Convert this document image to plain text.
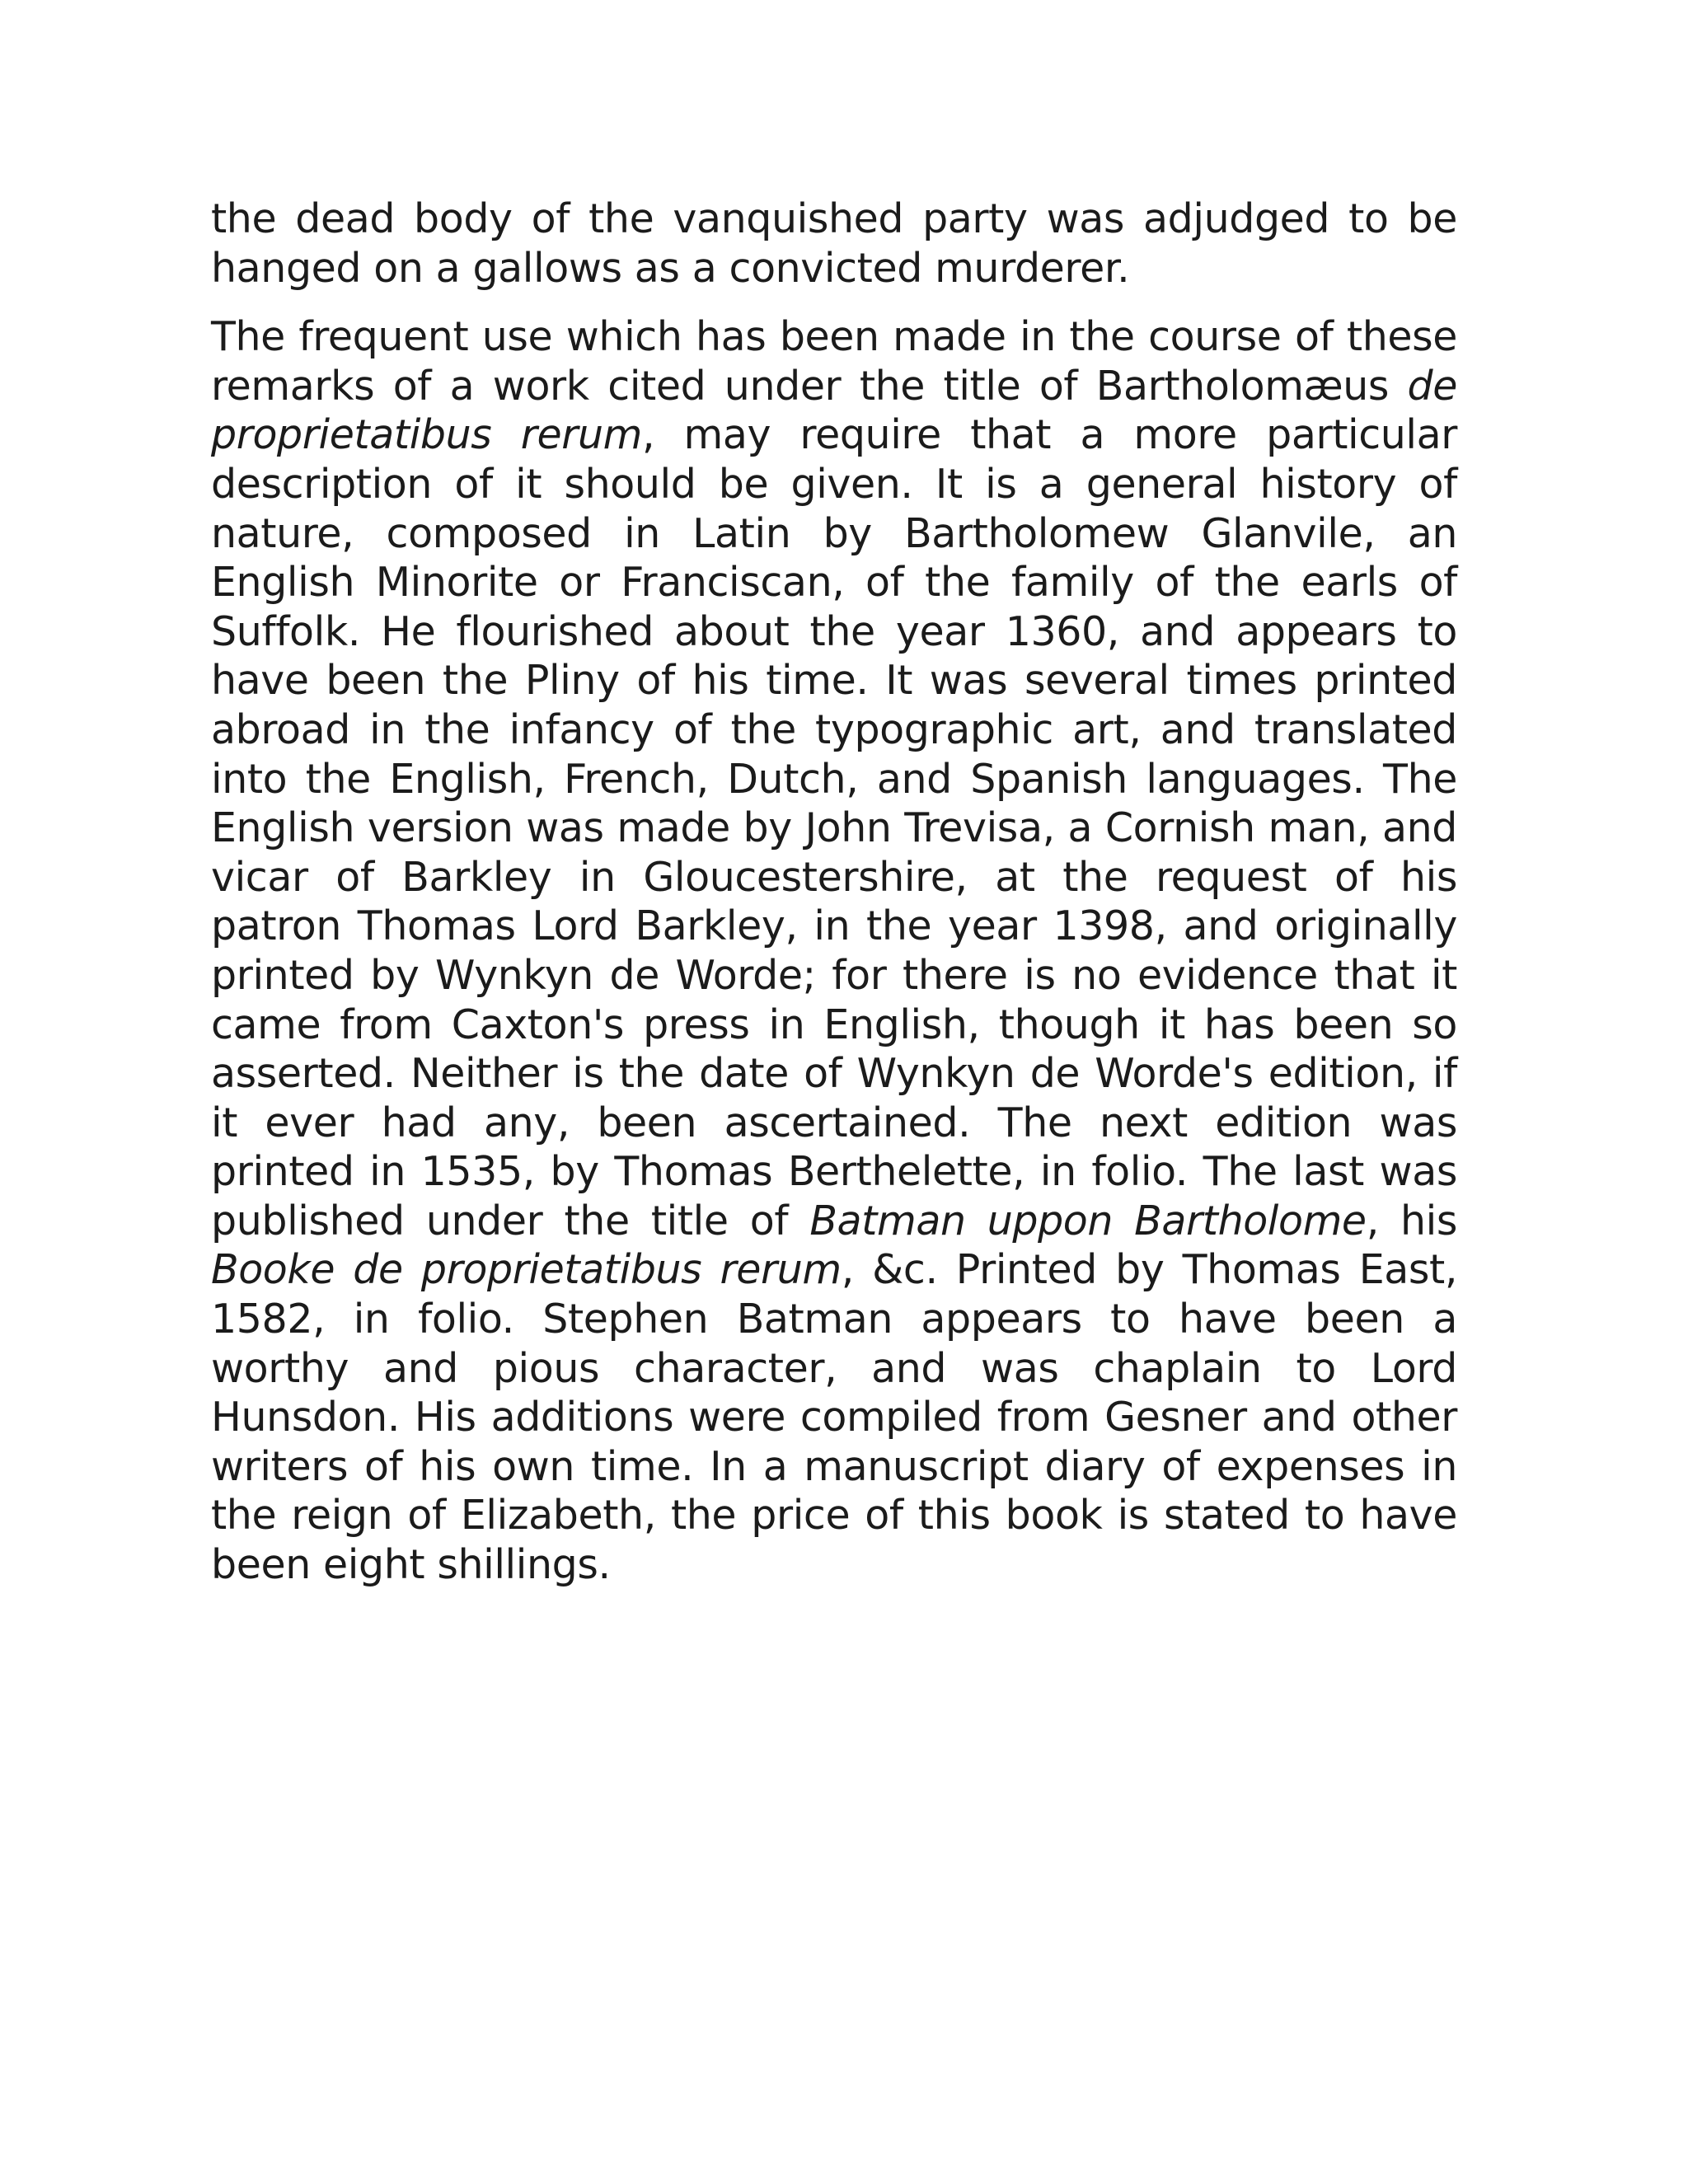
the dead body of the vanquished party was adjudged to be hanged on a gallows as a convicted murderer.

The frequent use which has been made in the course of these remarks of a work cited under the title of Bartholomæus de proprietatibus rerum, may require that a more particular description of it should be given. It is a general history of nature, composed in Latin by Bartholomew Glanvile, an English Minorite or Franciscan, of the family of the earls of Suffolk. He flourished about the year 1360, and appears to have been the Pliny of his time. It was several times printed abroad in the infancy of the typographic art, and translated into the English, French, Dutch, and Spanish languages. The English version was made by John Trevisa, a Cornish man, and vicar of Barkley in Gloucestershire, at the request of his patron Thomas Lord Barkley, in the year 1398, and originally printed by Wynkyn de Worde; for there is no evidence that it came from Caxton's press in English, though it has been so asserted. Neither is the date of Wynkyn de Worde's edition, if it ever had any, been ascertained. The next edition was printed in 1535, by Thomas Berthelette, in folio. The last was published under the title of Batman uppon Bartholome, his Booke de proprietatibus rerum, &c. Printed by Thomas East, 1582, in folio. Stephen Batman appears to have been a worthy and pious character, and was chaplain to Lord Hunsdon. His additions were compiled from Gesner and other writers of his own time. In a manuscript diary of expenses in the reign of Elizabeth, the price of this book is stated to have been eight shillings.
